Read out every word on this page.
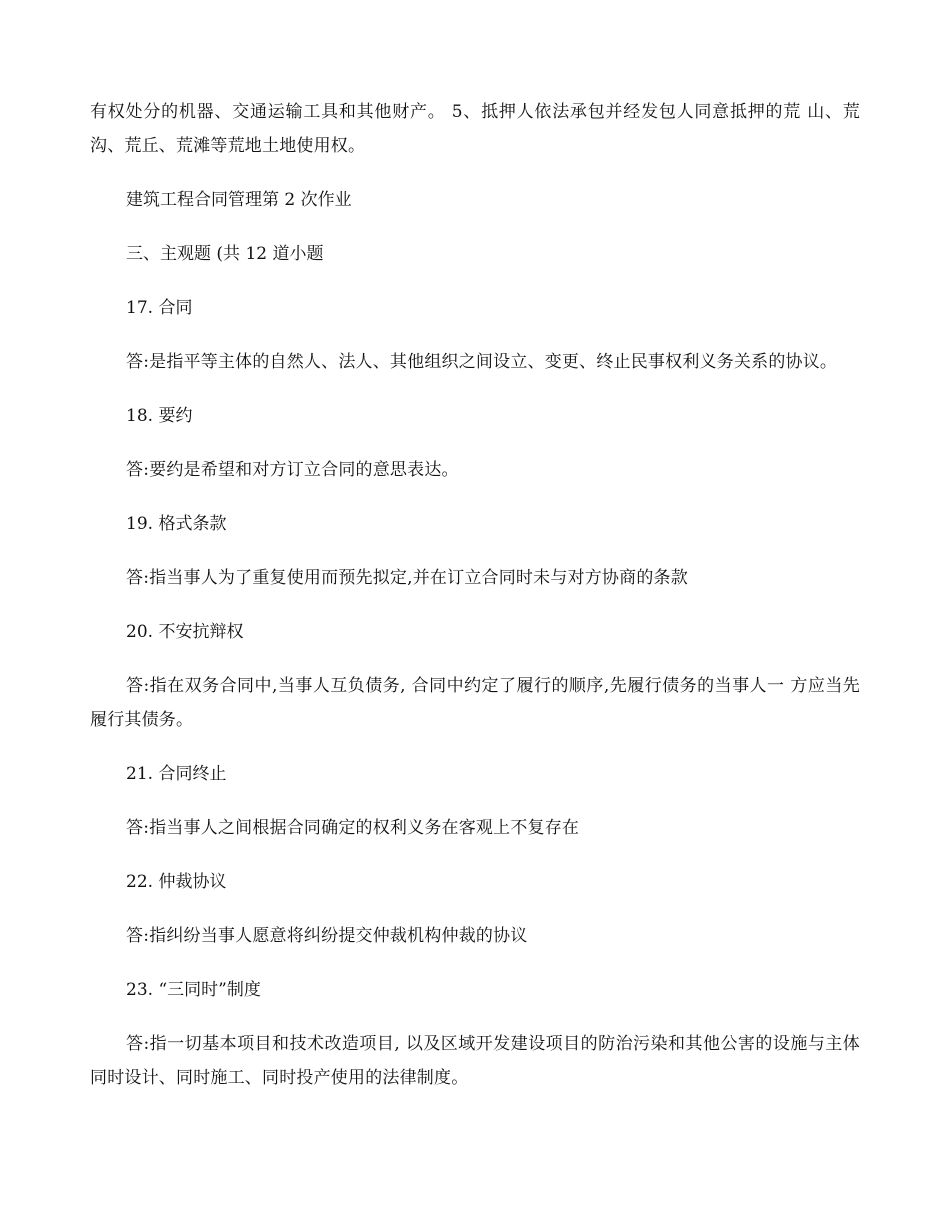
有权处分的机器、交通运输工具和其他财产。 5、抵押人依法承包并经发包人同意抵押的荒 山、荒沟、荒丘、荒滩等荒地土地使用权。

建筑工程合同管理第 2 次作业

三、主观题 (共 12 道小题

17. 合同

答:是指平等主体的自然人、法人、其他组织之间设立、变更、终止民事权利义务关系的协议。

18. 要约

答:要约是希望和对方订立合同的意思表达。

19. 格式条款

答:指当事人为了重复使用而预先拟定,并在订立合同时未与对方协商的条款

20. 不安抗辩权

答:指在双务合同中,当事人互负债务, 合同中约定了履行的顺序,先履行债务的当事人一 方应当先履行其债务。

21. 合同终止

答:指当事人之间根据合同确定的权利义务在客观上不复存在

22. 仲裁协议

答:指纠纷当事人愿意将纠纷提交仲裁机构仲裁的协议

23. “三同时”制度

答:指一切基本项目和技术改造项目, 以及区域开发建设项目的防治污染和其他公害的设施与主体同时设计、同时施工、同时投产使用的法律制度。
